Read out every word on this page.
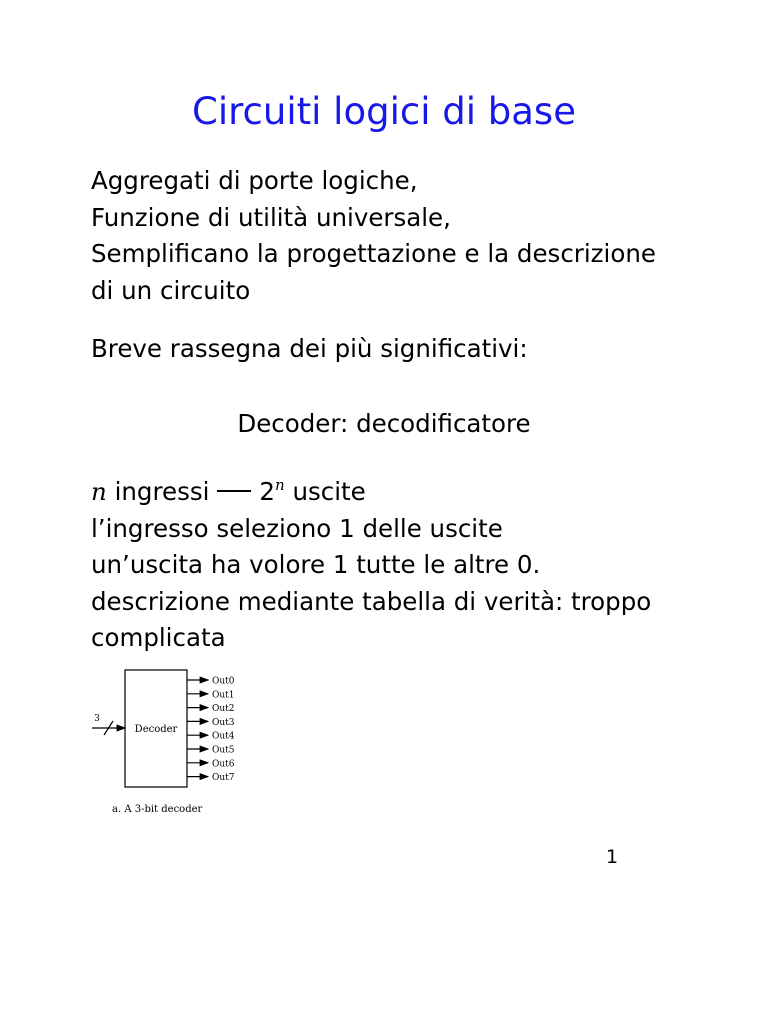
Circuiti logici di base
Aggregati di porte logiche,
Funzione di utilità universale,
Semplificano la progettazione e la descrizione
di un circuito
Breve rassegna dei più significativi:
Decoder: decodificatore
n ingressi 2$^n$ uscite
l’ingresso seleziono 1 delle uscite
un’uscita ha volore 1 tutte le altre 0.
descrizione mediante tabella di verità: troppo
complicata
Decoder
3
Out0
Out1
Out2
Out3
Out4
Out5
Out6
Out7
a. A 3-bit decoder
1
